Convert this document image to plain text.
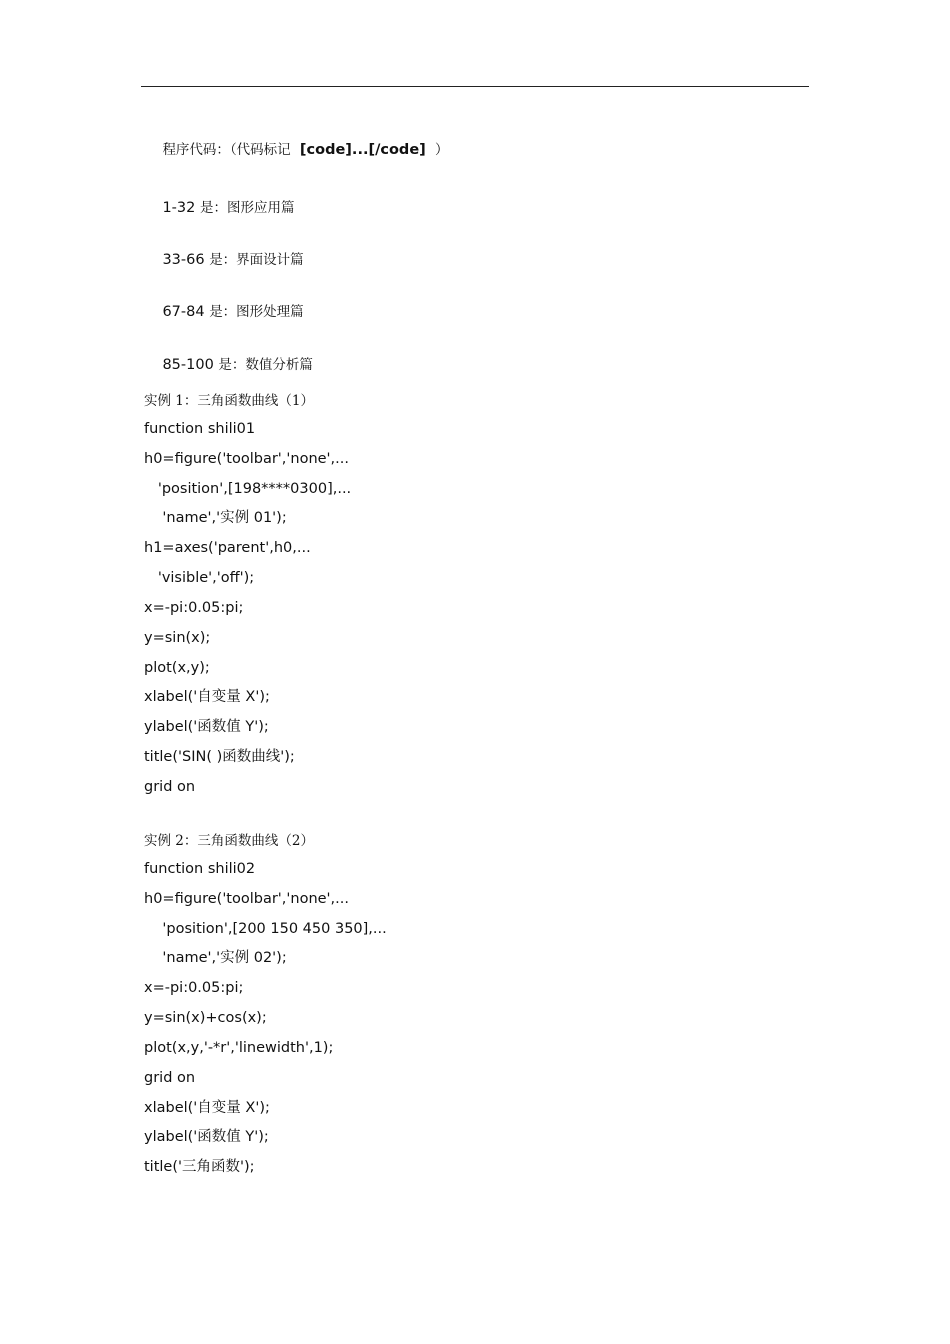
程序代码：（代码标记 [code]...[/code] ）

1-32 是：图形应用篇

33-66 是：界面设计篇

67-84 是：图形处理篇

85-100 是：数值分析篇

实例 1：三角函数曲线（1）
function shili01
h0=figure('toolbar','none',...
'position',[198****0300],...
'name','实例 01');
h1=axes('parent',h0,...
'visible','off');
x=-pi:0.05:pi;
y=sin(x);
plot(x,y);
xlabel('自变量 X');
ylabel('函数值 Y');
title('SIN( )函数曲线');
grid on
实例 2：三角函数曲线（2）
function shili02
h0=figure('toolbar','none',...
'position',[200 150 450 350],...
'name','实例 02');
x=-pi:0.05:pi;
y=sin(x)+cos(x);
plot(x,y,'-*r','linewidth',1);
grid on
xlabel('自变量 X');
ylabel('函数值 Y');
title('三角函数');
